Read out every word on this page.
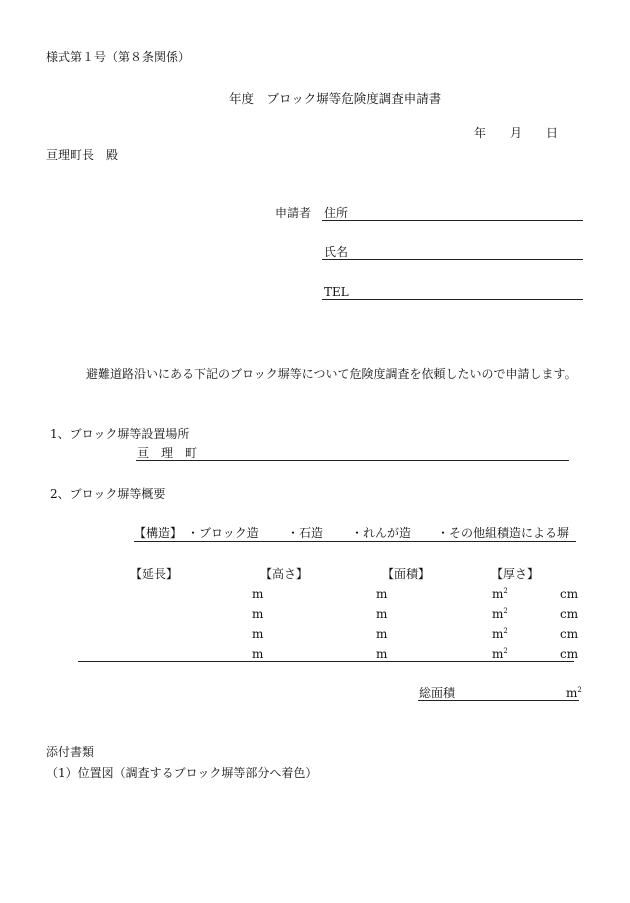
様式第１号（第８条関係）
年度　ブロック塀等危険度調査申請書
年 月 日
亘理町長　殿
申請者 住所
氏名
TEL
避難道路沿いにある下記のブロック塀等について危険度調査を依頼したいので申請します。
1、ブロック塀等設置場所
亘　理　町
2、ブロック塀等概要
【構造】 ・ブロック造 ・石造 ・れんが造 ・その他組積造による塀
【延長】	【高さ】	【面積】	【厚さ】
m	m	$m^2$	cm
m	m	$m^2$	cm
m	m	$m^2$	cm
m	m	$m^2$	cm
総面積	$m^2$
添付書類
（1）位置図（調査するブロック塀等部分へ着色）
